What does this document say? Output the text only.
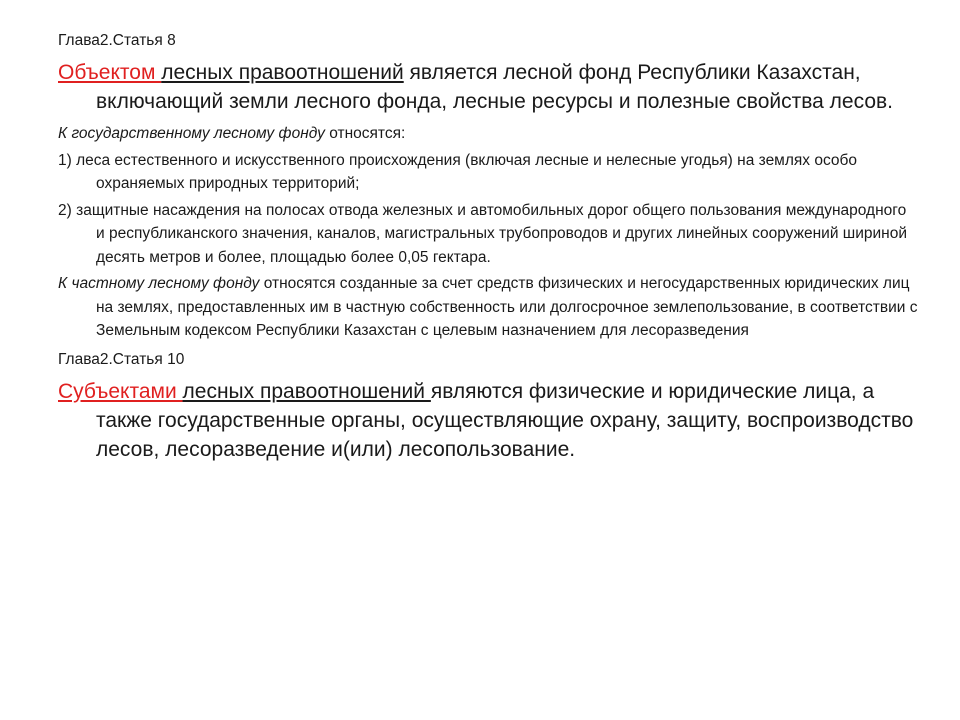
Глава2.Статья 8
Объектом лесных правоотношений является лесной фонд Республики Казахстан, включающий земли лесного фонда, лесные ресурсы и полезные свойства лесов.
К государственному лесному фонду относятся:
1) леса естественного и искусственного происхождения (включая лесные и нелесные угодья) на землях особо охраняемых природных территорий;
2) защитные насаждения на полосах отвода железных и автомобильных дорог общего пользования международного и республиканского значения, каналов, магистральных трубопроводов и других линейных сооружений шириной десять метров и более, площадью более 0,05 гектара.
К частному лесному фонду относятся созданные за счет средств физических и негосударственных юридических лиц на землях, предоставленных им в частную собственность или долгосрочное землепользование, в соответствии с Земельным кодексом Республики Казахстан с целевым назначением для лесоразведения
Глава2.Статья 10
Субъектами лесных правоотношений являются физические и юридические лица, а также государственные органы, осуществляющие охрану, защиту, воспроизводство лесов, лесоразведение и(или) лесопользование.
